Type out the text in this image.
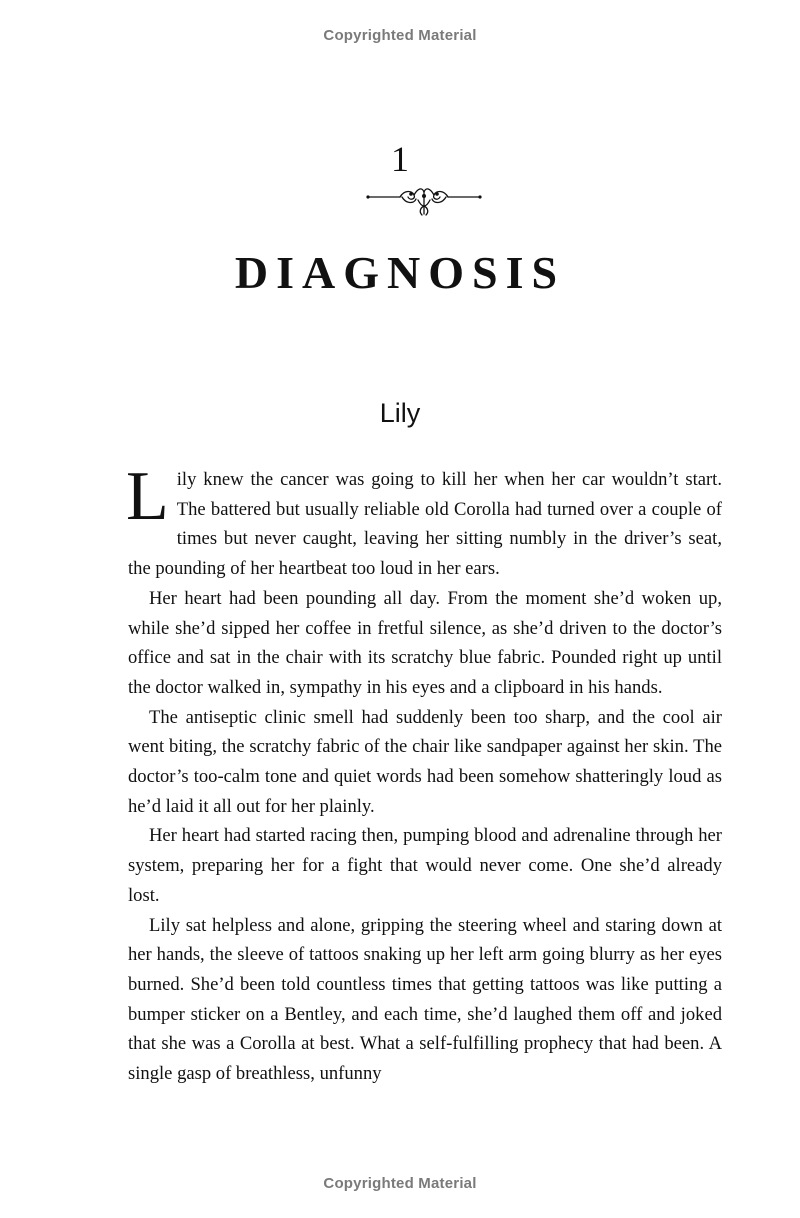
Copyrighted Material
1
DIAGNOSIS
Lily

Lily knew the cancer was going to kill her when her car wouldn’t start. The battered but usually reliable old Corolla had turned over a couple of times but never caught, leaving her sitting numbly in the driver’s seat, the pounding of her heartbeat too loud in her ears.

Her heart had been pounding all day. From the moment she’d woken up, while she’d sipped her coffee in fretful silence, as she’d driven to the doctor’s office and sat in the chair with its scratchy blue fabric. Pounded right up until the doctor walked in, sympathy in his eyes and a clipboard in his hands.

The antiseptic clinic smell had suddenly been too sharp, and the cool air went biting, the scratchy fabric of the chair like sandpaper against her skin. The doctor’s too-calm tone and quiet words had been somehow shatteringly loud as he’d laid it all out for her plainly.

Her heart had started racing then, pumping blood and adrenaline through her system, preparing her for a fight that would never come. One she’d already lost.

Lily sat helpless and alone, gripping the steering wheel and staring down at her hands, the sleeve of tattoos snaking up her left arm going blurry as her eyes burned. She’d been told countless times that getting tattoos was like putting a bumper sticker on a Bentley, and each time, she’d laughed them off and joked that she was a Corolla at best. What a self-fulfilling prophecy that had been. A single gasp of breathless, unfunny

Copyrighted Material
